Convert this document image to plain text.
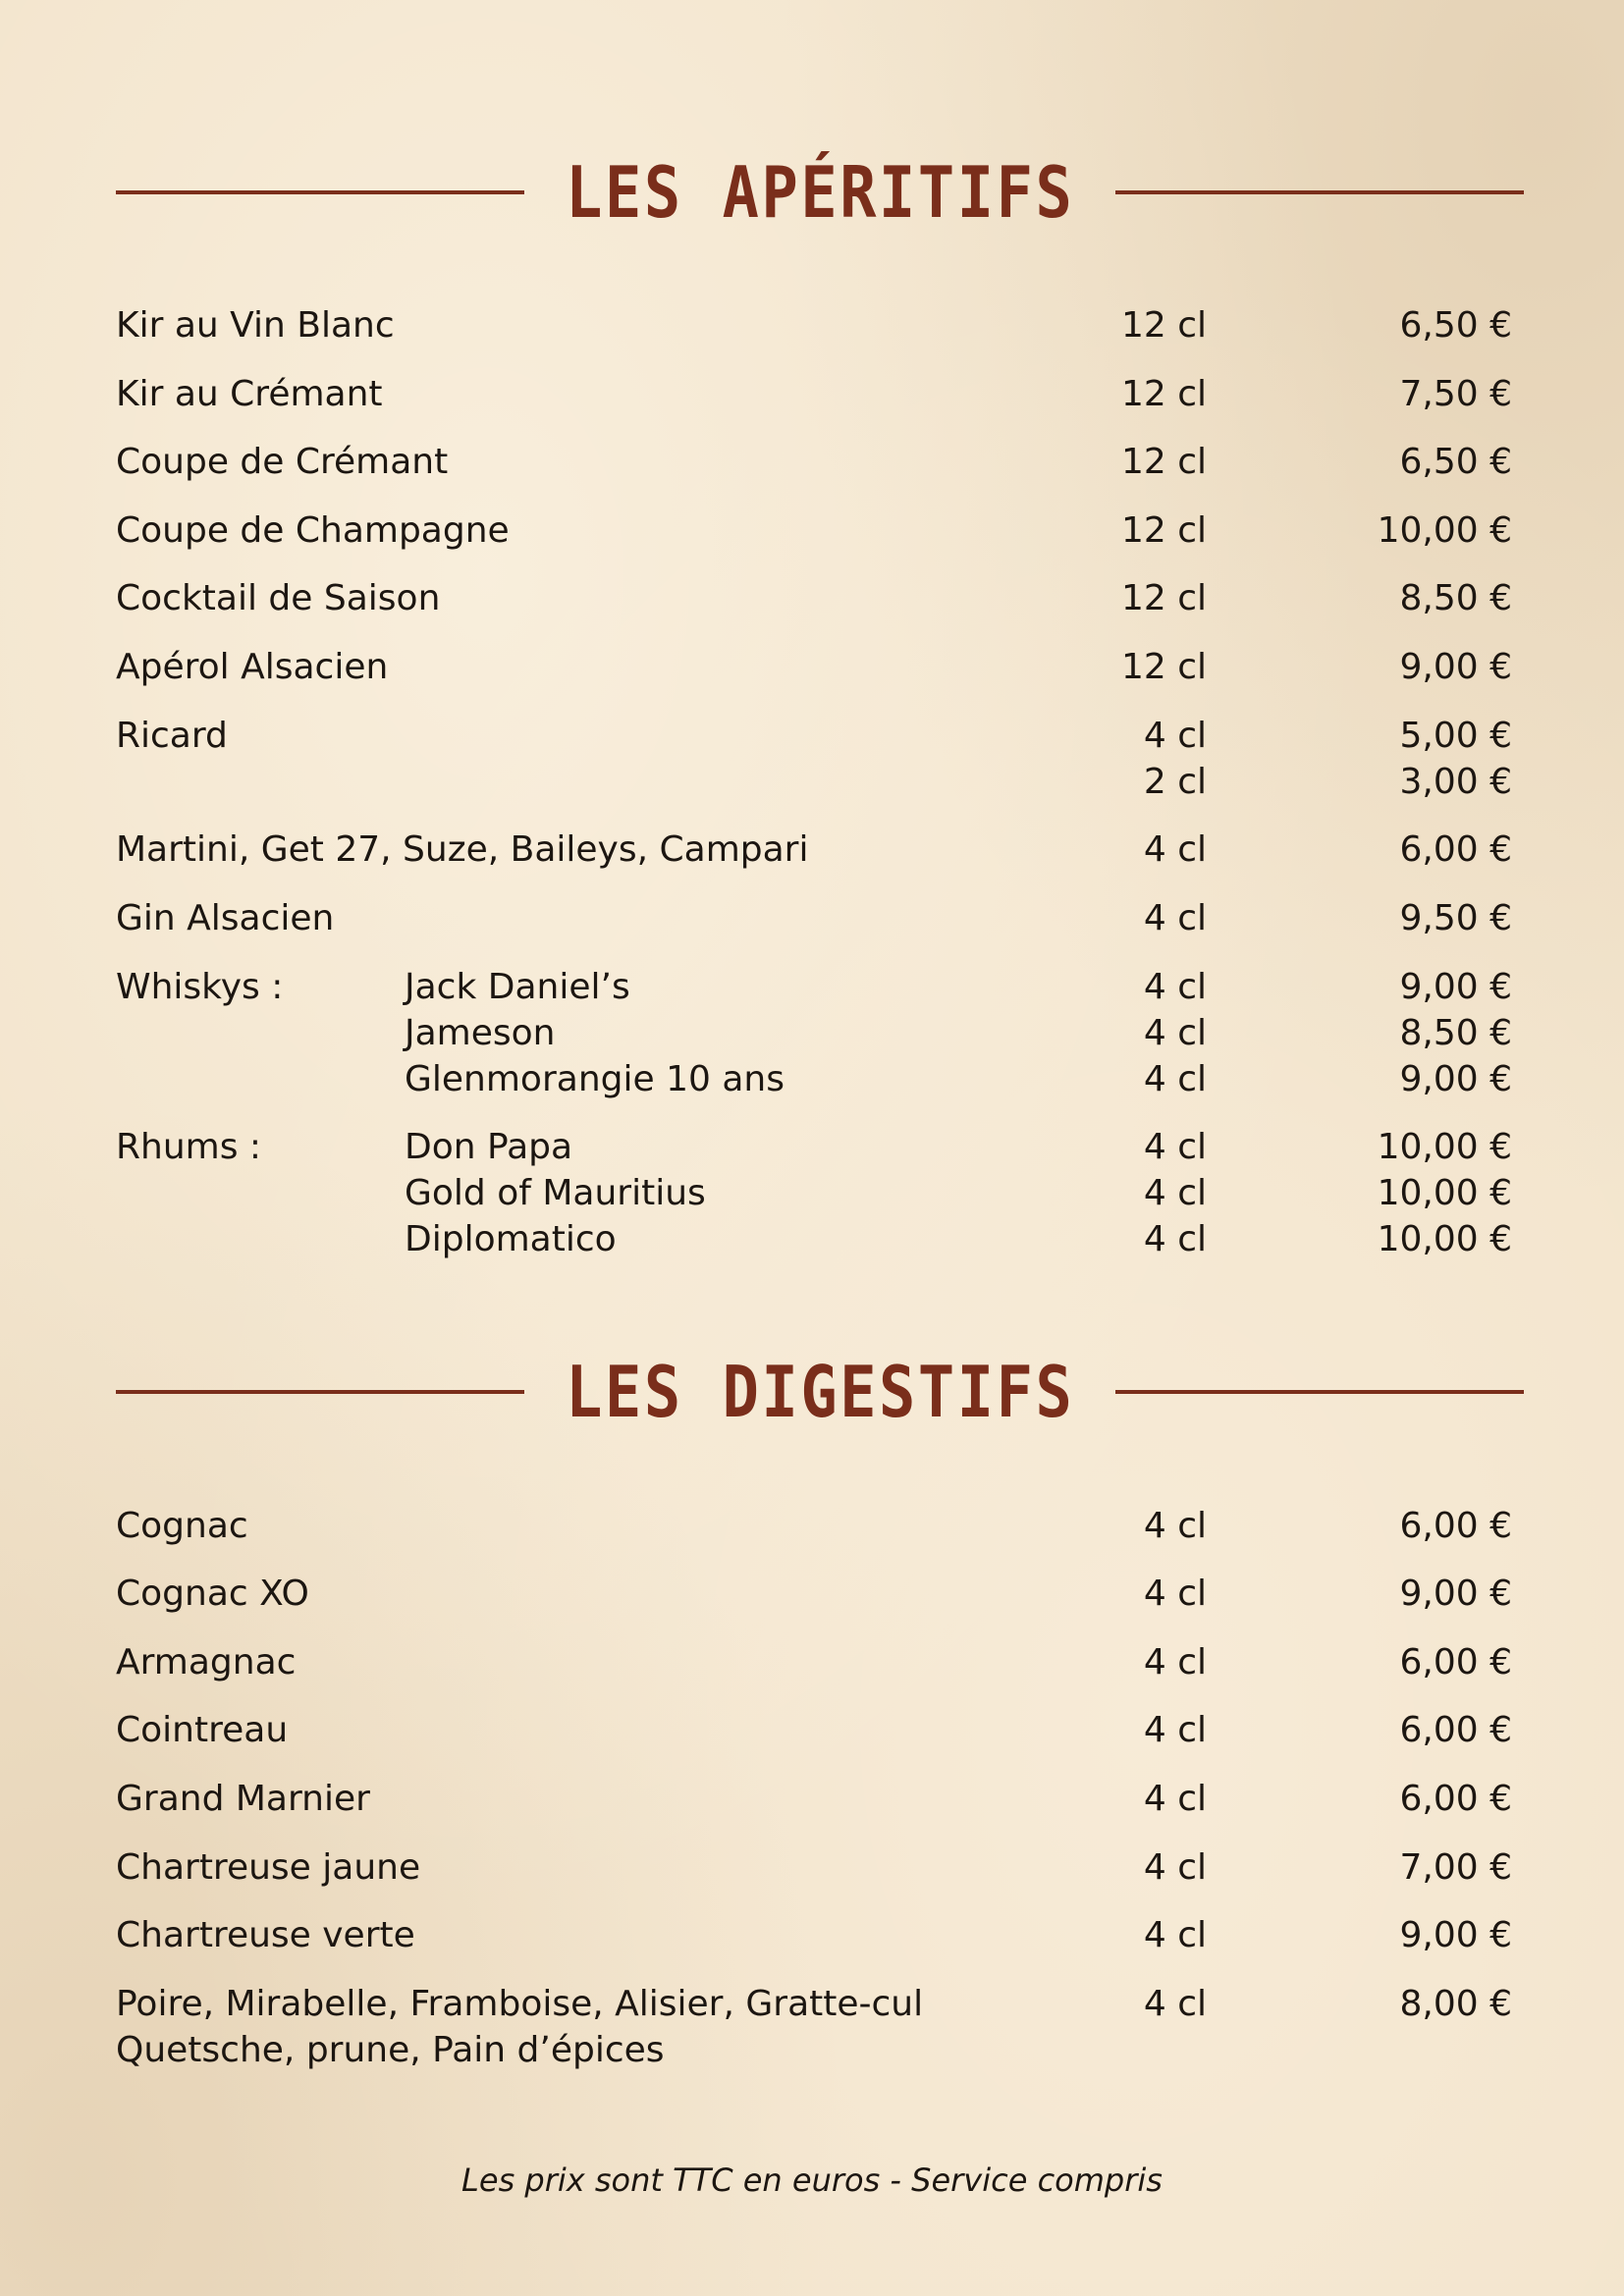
LES APÉRITIFS
Kir au Vin Blanc	12 cl	6,50 €
Kir au Crémant	12 cl	7,50 €
Coupe de Crémant	12 cl	6,50 €
Coupe de Champagne	12 cl	10,00 €
Cocktail de Saison	12 cl	8,50 €
Apérol Alsacien	12 cl	9,00 €
Ricard	4 cl	5,00 €
2 cl	3,00 €
Martini, Get 27, Suze, Baileys, Campari	4 cl	6,00 €
Gin Alsacien	4 cl	9,50 €
Whiskys :	Jack Daniel’s	4 cl	9,00 €
Jameson	4 cl	8,50 €
Glenmorangie 10 ans	4 cl	9,00 €
Rhums :	Don Papa	4 cl	10,00 €
Gold of Mauritius	4 cl	10,00 €
Diplomatico	4 cl	10,00 €
LES DIGESTIFS
Cognac	4 cl	6,00 €
Cognac XO	4 cl	9,00 €
Armagnac	4 cl	6,00 €
Cointreau	4 cl	6,00 €
Grand Marnier	4 cl	6,00 €
Chartreuse jaune	4 cl	7,00 €
Chartreuse verte	4 cl	9,00 €
Poire, Mirabelle, Framboise, Alisier, Gratte-cul	4 cl	8,00 €
Quetsche, prune, Pain d’épices
Les prix sont TTC en euros - Service compris
